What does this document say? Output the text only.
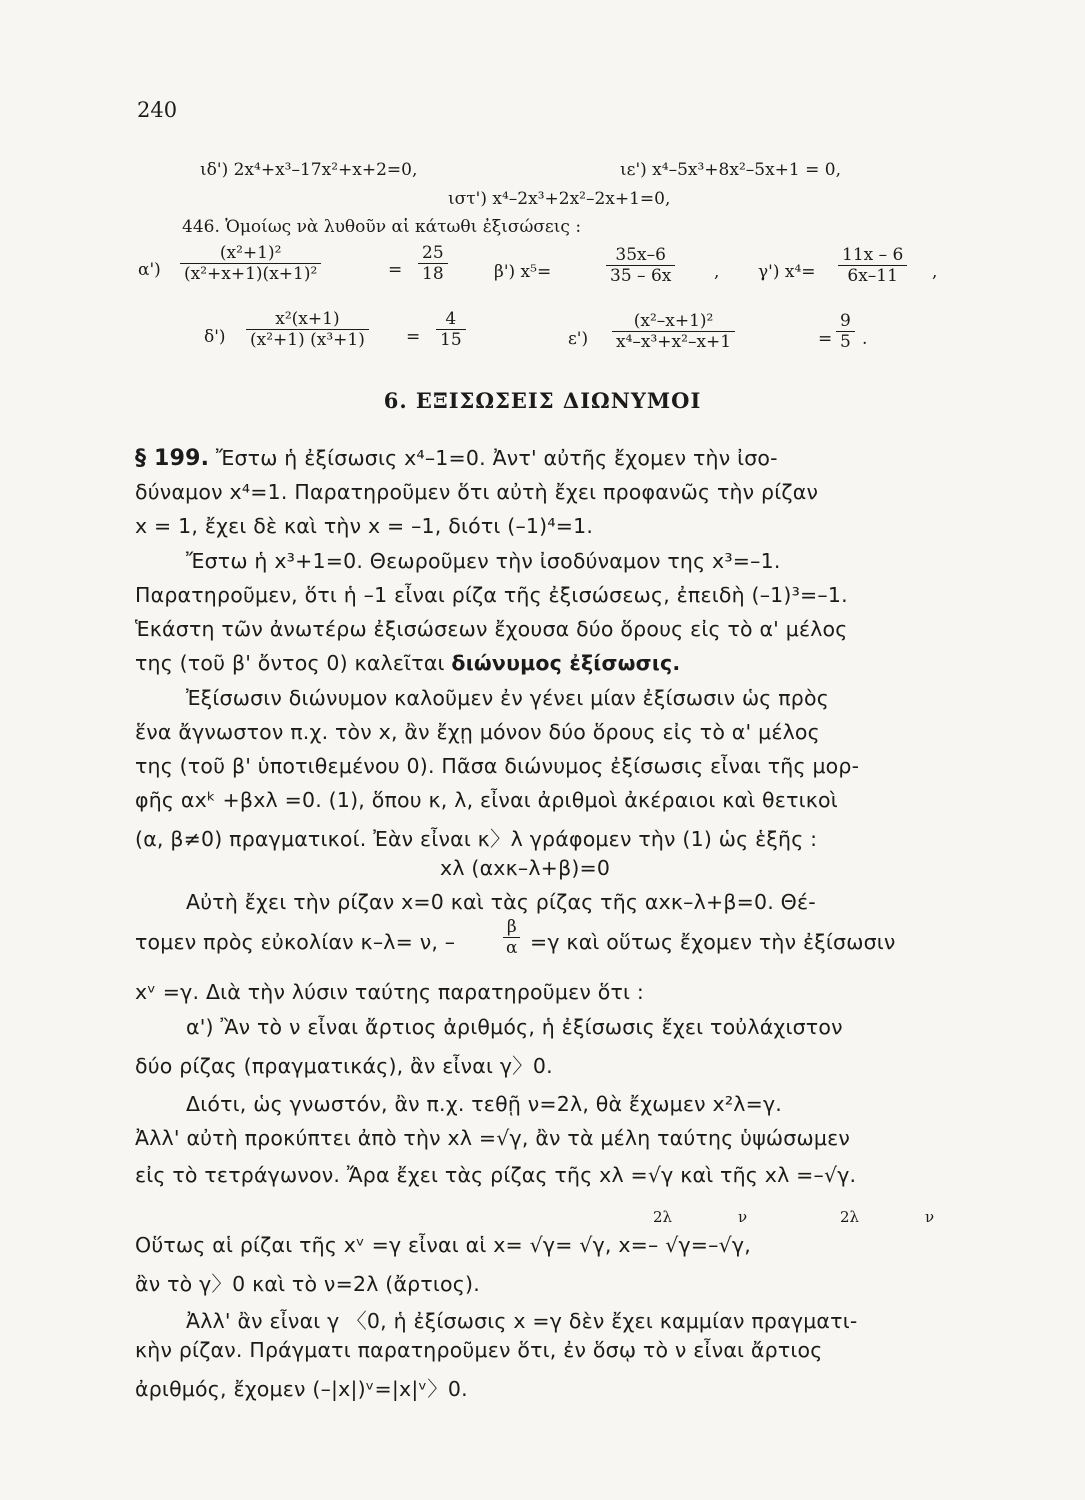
240
ιδ') 2x⁴+x³–17x²+x+2=0,	ιε') x⁴–5x³+8x²–5x+1 = 0,
ιστ') x⁴–2x³+2x²–2x+1=0,
446. Ὁμοίως νὰ λυθοῦν αἱ κάτωθι ἐξισώσεις :
$\alpha') \frac{\text{(x²+1)²}}{\text{(x²+x+1)(x+1)²}}$	= $\frac{25}{18}$	β') x⁵=	$\frac{35x-6}{35 - 6x}$ , γ') $x^4= \frac{11x - 6}{6x-11}$ ,
$\delta') \frac{\text{x²(x+1)}}{\text{(x²+1) (x³+1)}} = \frac{4}{15}$	$\varepsilon') \frac{\text{(x²–x+1)²}}{\text{x⁴–x³+x²–x+1}}$	= $\frac{9}{5}$ .
6. ΕΞΙΣΩΣΕΙΣ ΔΙΩΝΥΜΟΙ
§ 199. Ἔστω ἡ ἐξίσωσις x⁴–1=0. Ἀντ' αὐτῆς ἔχομεν τὴν ἰσο-
δύναμον x⁴=1. Παρατηροῦμεν ὅτι αὐτὴ ἔχει προφανῶς τὴν ρίζαν
x = 1, ἔχει δὲ καὶ τὴν x = –1, διότι (–1)⁴=1.
Ἔστω ἡ x³+1=0. Θεωροῦμεν τὴν ἰσοδύναμον της x³=–1.
Παρατηροῦμεν, ὅτι ἡ –1 εἶναι ρίζα τῆς ἐξισώσεως, ἐπειδὴ (–1)³=–1.
Ἑκάστη τῶν ἀνωτέρω ἐξισώσεων ἔχουσα δύο ὅρους εἰς τὸ α' μέλος
της (τοῦ β' ὄντος 0) καλεῖται διώνυμος ἐξίσωσις.
Ἐξίσωσιν διώνυμον καλοῦμεν ἐν γένει μίαν ἐξίσωσιν ὡς πρὸς
ἕνα ἄγνωστον π.χ. τὸν x, ἂν ἔχῃ μόνον δύο ὅρους εἰς τὸ α' μέλος
της (τοῦ β' ὑποτιθεμένου 0). Πᾶσα διώνυμος ἐξίσωσις εἶναι τῆς μορ-
φῆς αxᵏ +βxλ =0. (1), ὅπου κ, λ, εἶναι ἀριθμοὶ ἀκέραιοι καὶ θετικοὶ
(α, β≠0) πραγματικοί. Ἐὰν εἶναι κ〉λ γράφομεν τὴν (1) ὡς ἑξῆς :
xλ (αxκ–λ+β)=0
Αὐτὴ ἔχει τὴν ρίζαν x=0 καὶ τὰς ρίζας τῆς αxκ–λ+β=0. Θέ-
τομεν πρὸς εὐκολίαν κ–λ= ν, –	$\frac{\beta}{\alpha} =\gamma$ καὶ οὕτως ἔχομεν τὴν ἐξίσωσιν
xᵛ =γ. Διὰ τὴν λύσιν ταύτης παρατηροῦμεν ὅτι :
α') Ἂν τὸ ν εἶναι ἄρτιος ἀριθμός, ἡ ἐξίσωσις ἔχει τοὐλάχιστον
δύο ρίζας (πραγματικάς), ἂν εἶναι γ〉0.
Διότι, ὡς γνωστόν, ἂν π.χ. τεθῇ ν=2λ, θὰ ἔχωμεν x²λ=γ.
Ἀλλ' αὐτὴ προκύπτει ἀπὸ τὴν xλ =√γ, ἂν τὰ μέλη ταύτης ὑψώσωμεν
εἰς τὸ τετράγωνον. Ἄρα ἔχει τὰς ρίζας τῆς xλ =√γ καὶ τῆς xλ =–√γ.
2λ	ν	2λ	ν
Οὕτως αἱ ρίζαι τῆς xᵛ =γ εἶναι αἱ x= √γ= √γ, x=– √γ=–√γ,
ἂν τὸ γ〉0 καὶ τὸ ν=2λ (ἄρτιος).
Ἀλλ' ἂν εἶναι γ 〈0, ἡ ἐξίσωσις x =γ δὲν ἔχει καμμίαν πραγματι-
κὴν ρίζαν. Πράγματι παρατηροῦμεν ὅτι, ἐν ὅσῳ τὸ ν εἶναι ἄρτιος
ἀριθμός, ἔχομεν (–|x|)ᵛ=|x|ᵛ〉0.
